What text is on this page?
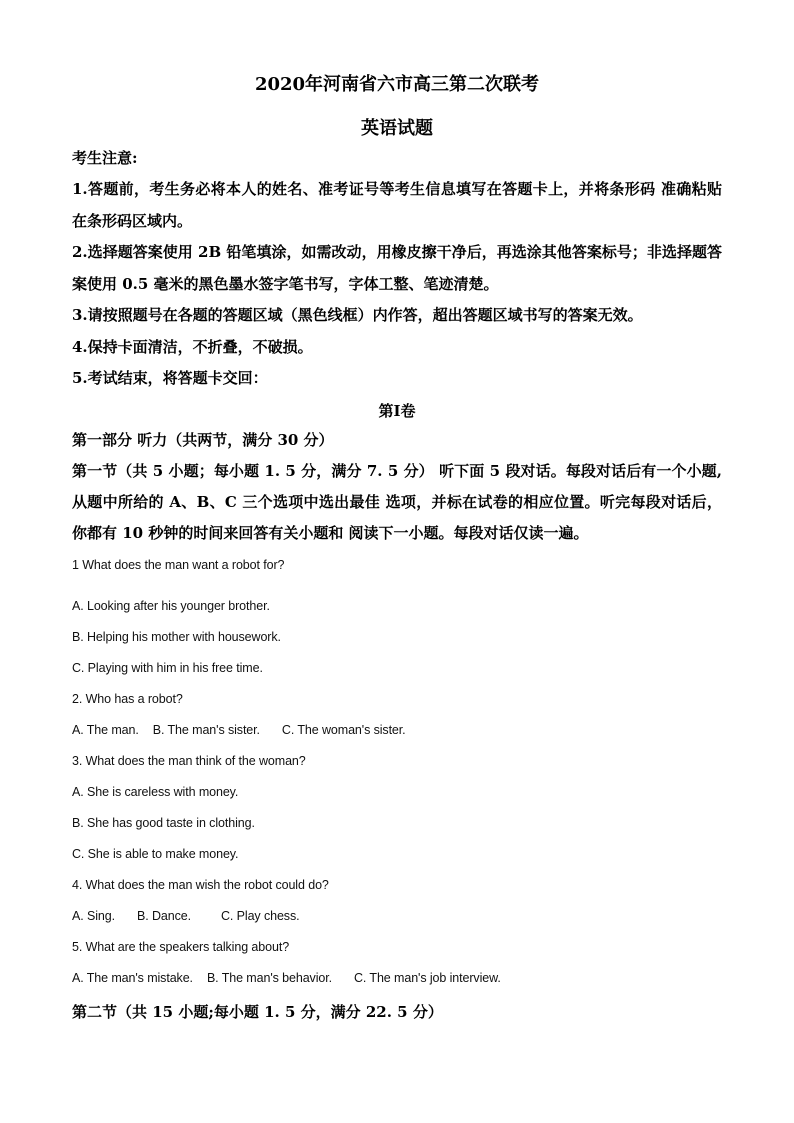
2020年河南省六市高三第二次联考
英语试题

考生注意:

1.答题前，考生务必将本人的姓名、准考证号等考生信息填写在答题卡上，并将条形码 准确粘贴在条形码区域内。

2.选择题答案使用 2B 铅笔填涂，如需改动，用橡皮擦干净后，再选涂其他答案标号；非选择题答案使用 0.5 毫米的黑色墨水签字笔书写，字体工整、笔迹清楚。

3.请按照题号在各题的答题区域（黑色线框）内作答，超出答题区域书写的答案无效。

4.保持卡面清洁，不折叠，不破损。

5.考试结束，将答题卡交回：

第I卷

第一部分 听力（共两节，满分 30 分）

第一节（共 5 小题；每小题 1. 5 分，满分 7. 5 分） 听下面 5 段对话。每段对话后有一个小题,从题中所给的 A、B、C 三个选项中选出最佳 选项，并标在试卷的相应位置。听完每段对话后，你都有 10 秒钟的时间来回答有关小题和 阅读下一小题。每段对话仅读一遍。

1 What does the man want a robot for?

A. Looking after his younger brother.

B. Helping his mother with housework.

C. Playing with him in his free time.

2. Who has a robot?

A. The man. B. The man's sister. C. The woman's sister.

3. What does the man think of the woman?

A. She is careless with money.

B. She has good taste in clothing.

C. She is able to make money.

4. What does the man wish the robot could do?

A. Sing. B. Dance. C. Play chess.

5. What are the speakers talking about?

A. The man's mistake. B. The man's behavior. C. The man's job interview.

第二节（共 15 小题;每小题 1. 5 分，满分 22. 5 分）
